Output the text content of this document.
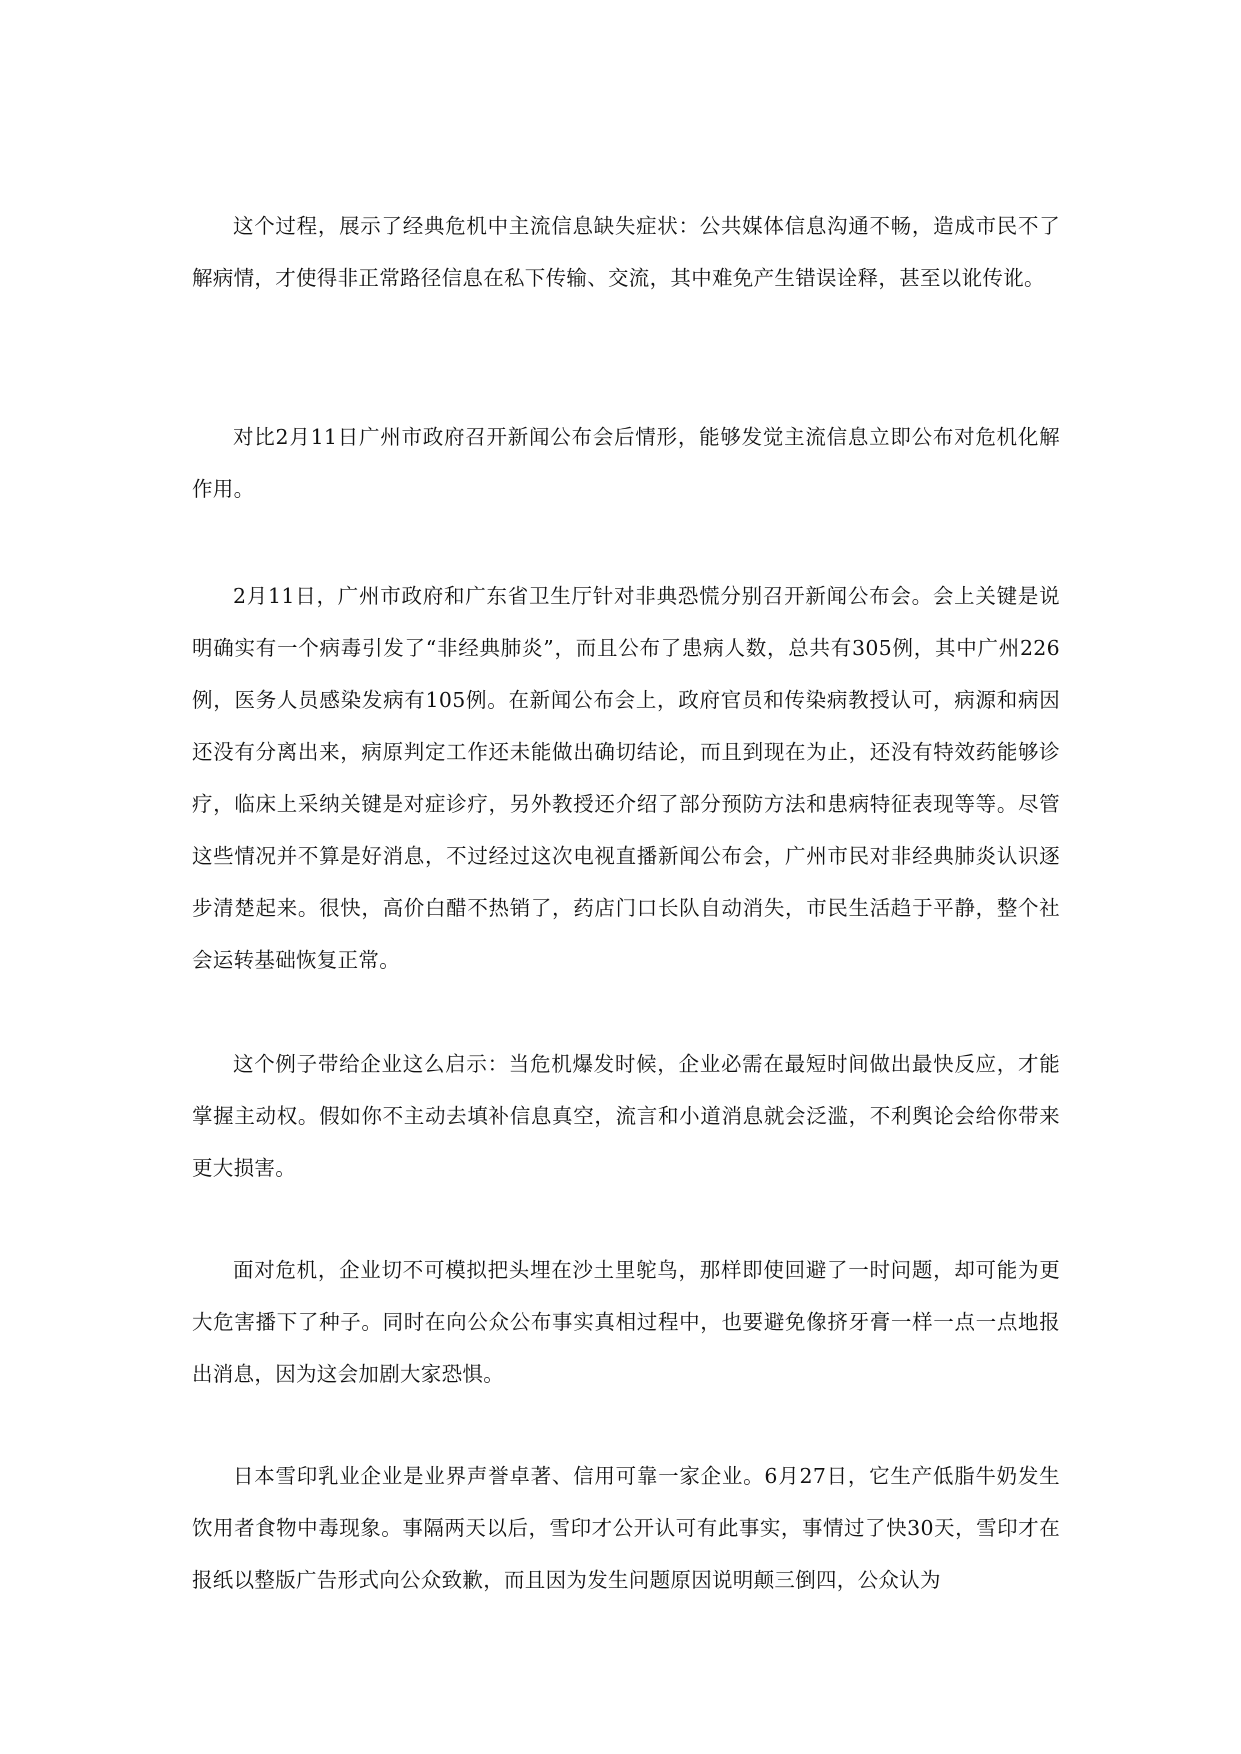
这个过程，展示了经典危机中主流信息缺失症状：公共媒体信息沟通不畅，造成市民不了解病情，才使得非正常路径信息在私下传输、交流，其中难免产生错误诠释，甚至以讹传讹。

对比2月11日广州市政府召开新闻公布会后情形，能够发觉主流信息立即公布对危机化解作用。

2月11日，广州市政府和广东省卫生厅针对非典恐慌分别召开新闻公布会。会上关键是说明确实有一个病毒引发了“非经典肺炎”，而且公布了患病人数，总共有305例，其中广州226例，医务人员感染发病有105例。在新闻公布会上，政府官员和传染病教授认可，病源和病因还没有分离出来，病原判定工作还未能做出确切结论，而且到现在为止，还没有特效药能够诊疗，临床上采纳关键是对症诊疗，另外教授还介绍了部分预防方法和患病特征表现等等。尽管这些情况并不算是好消息，不过经过这次电视直播新闻公布会，广州市民对非经典肺炎认识逐步清楚起来。很快，高价白醋不热销了，药店门口长队自动消失，市民生活趋于平静，整个社会运转基础恢复正常。

这个例子带给企业这么启示：当危机爆发时候，企业必需在最短时间做出最快反应，才能掌握主动权。假如你不主动去填补信息真空，流言和小道消息就会泛滥，不利舆论会给你带来更大损害。

面对危机，企业切不可模拟把头埋在沙土里鸵鸟，那样即使回避了一时问题，却可能为更大危害播下了种子。同时在向公众公布事实真相过程中，也要避免像挤牙膏一样一点一点地报出消息，因为这会加剧大家恐惧。

日本雪印乳业企业是业界声誉卓著、信用可靠一家企业。6月27日，它生产低脂牛奶发生饮用者食物中毒现象。事隔两天以后，雪印才公开认可有此事实，事情过了快30天，雪印才在报纸以整版广告形式向公众致歉，而且因为发生问题原因说明颠三倒四，公众认为
